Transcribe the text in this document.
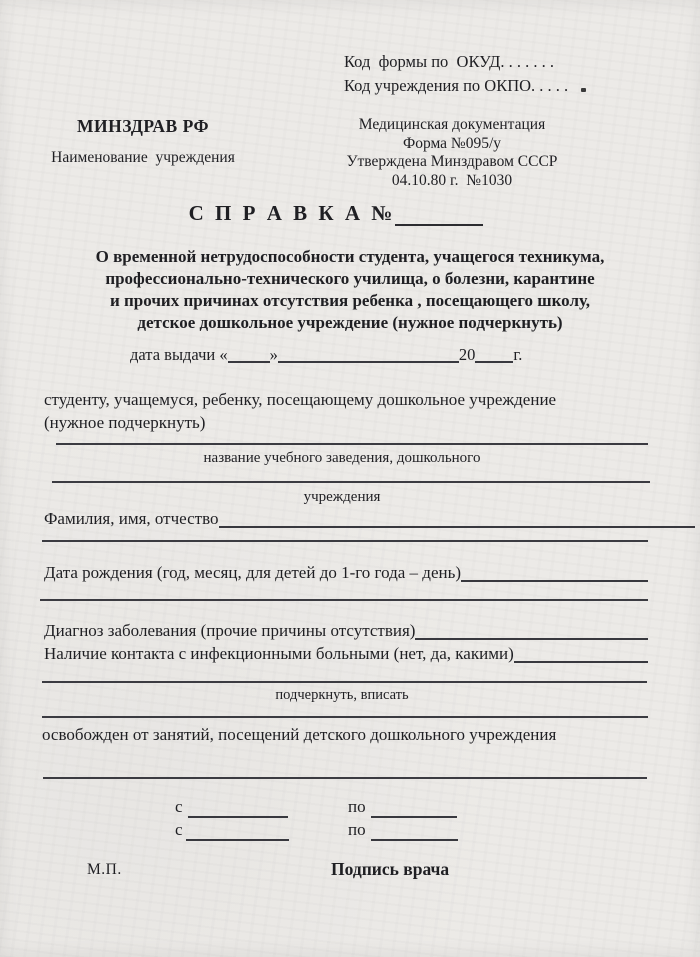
Код  формы по  ОКУД. . . . . . .
Код учреждения по ОКПО. . . . .
МИНЗДРАВ РФ
Наименование  учреждения
Медицинская документация
Форма №095/у
Утверждена Минздравом СССР
04.10.80 г.  №1030
С П Р А В К А №
О временной нетрудоспособности студента, учащегося техникума,
профессионально-технического училища, о болезни, карантине
и прочих причинах отсутствия ребенка , посещающего школу,
детское дошкольное учреждение (нужное подчеркнуть)
дата выдачи «	»	20 г.
студенту, учащемуся, ребенку, посещающему дошкольное учреждение
(нужное подчеркнуть)
название учебного заведения, дошкольного
учреждения
Фамилия, имя, отчество
Дата рождения (год, месяц, для детей до 1-го года – день)
Диагноз заболевания (прочие причины отсутствия)
Наличие контакта с инфекционными больными (нет, да, какими)
подчеркнуть, вписать
освобожден от занятий, посещений детского дошкольного учреждения
с	по
с	по
М.П.	Подпись врача
